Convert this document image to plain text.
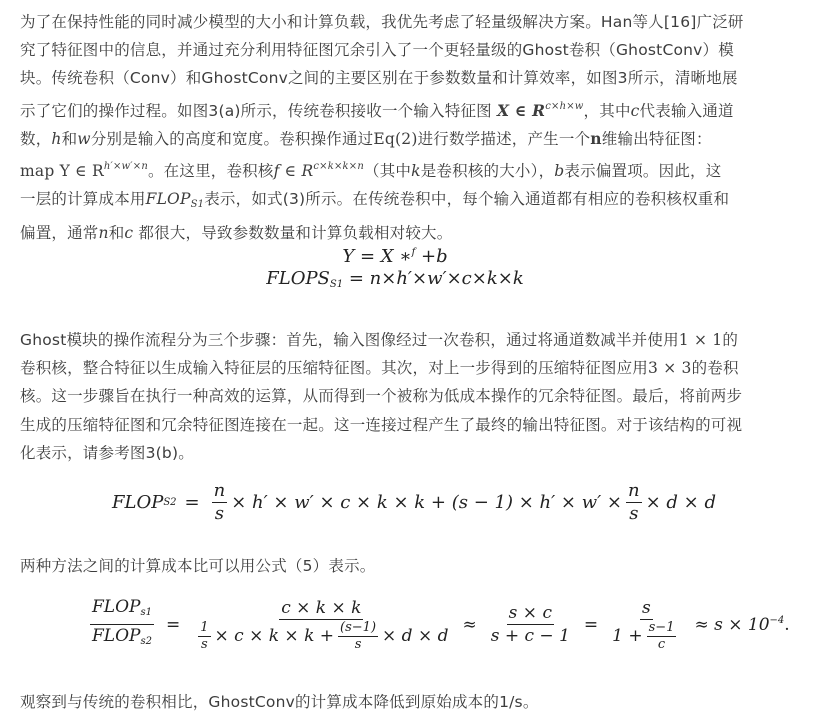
为了在保持性能的同时减少模型的大小和计算负载，我优先考虑了轻量级解决方案。Han等人[16]广泛研
究了特征图中的信息，并通过充分利用特征图冗余引入了一个更轻量级的Ghost卷积（GhostConv）模
块。传统卷积（Conv）和GhostConv之间的主要区别在于参数数量和计算效率，如图3所示，清晰地展
示了它们的操作过程。如图3(a)所示，传统卷积接收一个输入特征图 X ∈ $R^{c\times h\times w}$，其中c代表输入通道
数，h和w分别是输入的高度和宽度。卷积操作通过Eq(2)进行数学描述，产生一个n维输出特征图：
map Y ∈ $R^{h'\times w'\times n}$。在这里，卷积核f ∈ $R^{c\times k\times k\times n}$（其中k是卷积核的大小），b表示偏置项。因此，这
一层的计算成本用$FLOP_{S1}$表示，如式(3)所示。在传统卷积中，每个输入通道都有相应的卷积核权重和
偏置，通常n和c 都很大，导致参数数量和计算负载相对较大。

Y = X ∗$^f$ +b
$FLOPS_{S1} = n\times h'\times w'\times c\times k\times k$

Ghost模块的操作流程分为三个步骤：首先，输入图像经过一次卷积，通过将通道数减半并使用1 × 1的
卷积核，整合特征以生成输入特征层的压缩特征图。其次，对上一步得到的压缩特征图应用3 × 3的卷积
核。这一步骤旨在执行一种高效的运算，从而得到一个被称为低成本操作的冗余特征图。最后，将前两步
生成的压缩特征图和冗余特征图连接在一起。这一连接过程产生了最终的输出特征图。对于该结构的可视
化表示，请参考图3(b)。

FLOP $S2 = \frac{n}{s} \times h' \times w' \times c \times k \times k + (s - 1) \times h' \times w' \times \frac{n}{s} \times d \times d$

两种方法之间的计算成本比可以用公式（5）表示。

$\frac{FLOP_{s1}}{FLOP_{s2}} = \frac{c \times k \times k}{\frac{1}{s} \times c \times k \times k + \frac{(s-1)}{s} \times d \times d} \approx \frac{s \times c}{s + c - 1} = \frac{s}{1 + \frac{s-1}{c}} \approx s \times 10^{-4}$.

观察到与传统的卷积相比，GhostConv的计算成本降低到原始成本的1/s。
